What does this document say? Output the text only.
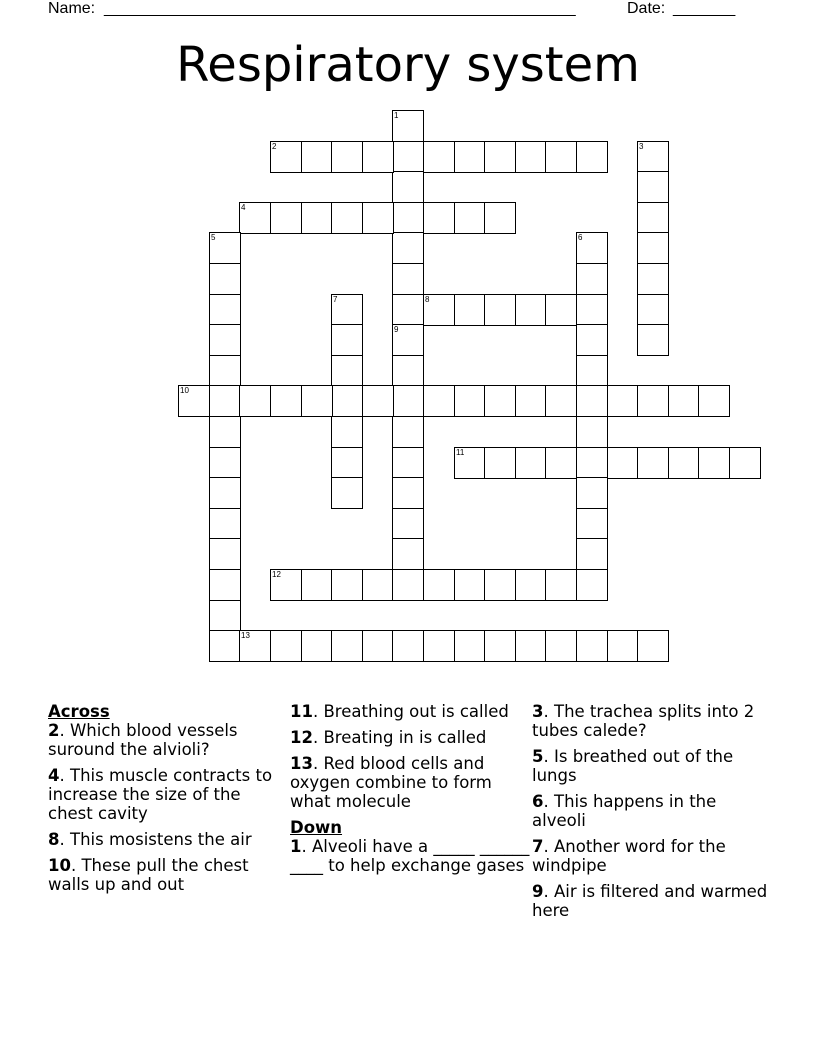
Name: _____________________________________________________	Date: _______
Respiratory system
1
9
2	3
4
5	6
7	8
10
11
12
13
Across
2. Which blood vessels suround the alvioli?
4. This muscle contracts to increase the size of the chest cavity
8. This mosistens the air
10. These pull the chest walls up and out
11. Breathing out is called
12. Breating in is called
13. Red blood cells and oxygen combine to form what molecule
Down
1. Alveoli have a _____ ______ ____ to help exchange gases
3. The trachea splits into 2 tubes calede?
5. Is breathed out of the lungs
6. This happens in the alveoli
7. Another word for the windpipe
9. Air is filtered and warmed here
